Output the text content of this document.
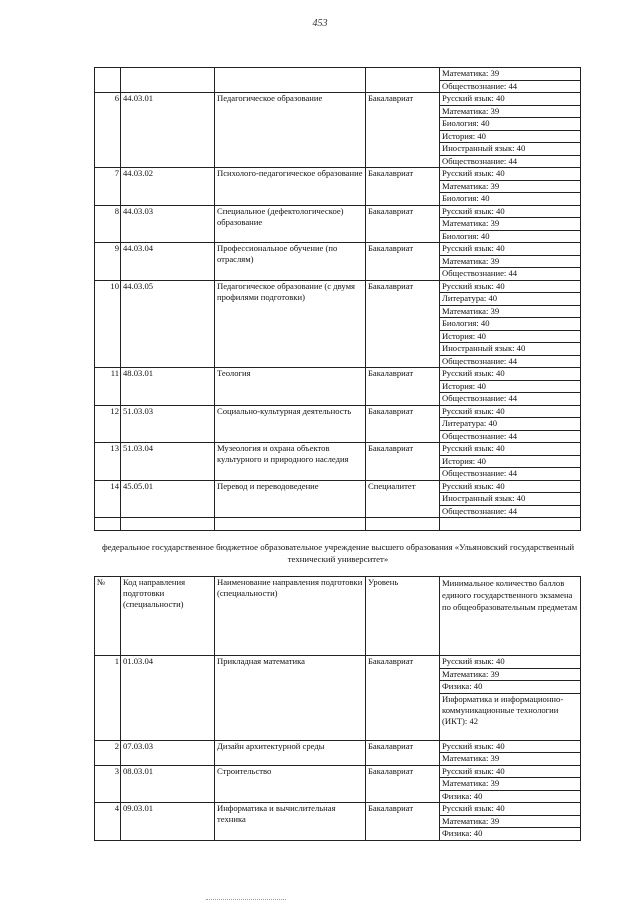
453
				Математика: 39
				Обществознание: 44
6	44.03.01	Педагогическое образование	Бакалавриат	Русский язык: 40
				Математика: 39
				Биология: 40
				История: 40
				Иностранный язык: 40
				Обществознание: 44
7	44.03.02	Психолого-педагогическое образование	Бакалавриат	Русский язык: 40
				Математика: 39
				Биология: 40
8	44.03.03	Специальное (дефектологическое) образование	Бакалавриат	Русский язык: 40
				Математика: 39
				Биология: 40
9	44.03.04	Профессиональное обучение (по отраслям)	Бакалавриат	Русский язык: 40
				Математика: 39
				Обществознание: 44
10	44.03.05	Педагогическое образование (с двумя профилями подготовки)	Бакалавриат	Русский язык: 40
				Литература: 40
				Математика: 39
				Биология: 40
				История: 40
				Иностранный язык: 40
				Обществознание: 44
11	48.03.01	Теология	Бакалавриат	Русский язык: 40
				История: 40
				Обществознание: 44
12	51.03.03	Социально-культурная деятельность	Бакалавриат	Русский язык: 40
				Литература: 40
				Обществознание: 44
13	51.03.04	Музеология и охрана объектов культурного и природного наследия	Бакалавриат	Русский язык: 40
				История: 40
				Обществознание: 44
14	45.05.01	Перевод и переводоведение	Специалитет	Русский язык: 40
				Иностранный язык: 40
				Обществознание: 44

федеральное государственное бюджетное образовательное учреждение высшего образования «Ульяновский государственный технический университет»
№	Код направления подготовки (специальности)	Наименование направления подготовки (специальности)	Уровень	Минимальное количество баллов единого государственного экзамена по общеобразовательным предметам
1	01.03.04	Прикладная математика	Бакалавриат	Русский язык: 40
				Математика: 39
				Физика: 40
				Информатика и информационно-коммуникационные технологии (ИКТ): 42
2	07.03.03	Дизайн архитектурной среды	Бакалавриат	Русский язык: 40
				Математика: 39
3	08.03.01	Строительство	Бакалавриат	Русский язык: 40
				Математика: 39
				Физика: 40
4	09.03.01	Информатика и вычислительная техника	Бакалавриат	Русский язык: 40
				Математика: 39
				Физика: 40
